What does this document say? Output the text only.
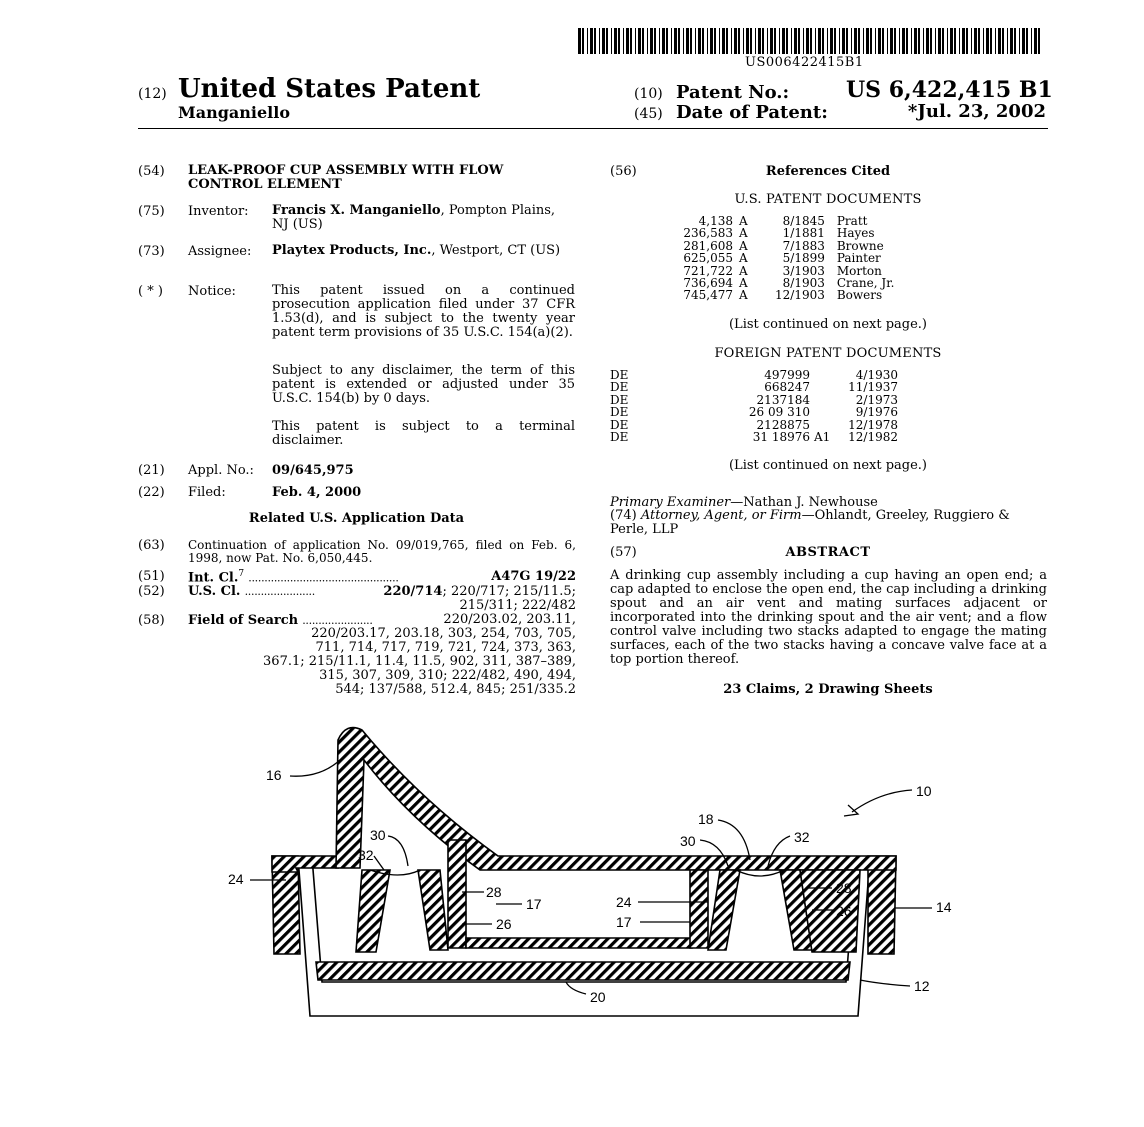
US006422415B1
(12) United States Patent
Manganiello
(10) Patent No.:	US 6,422,415 B1
(45) Date of Patent:	*Jul. 23, 2002
(54) LEAK-PROOF CUP ASSEMBLY WITH FLOW CONTROL ELEMENT
(75) Inventor: Francis X. Manganiello, Pompton Plains, NJ (US)
(73) Assignee: Playtex Products, Inc., Westport, CT (US)
( * ) Notice:	This patent issued on a continued prosecution application filed under 37 CFR 1.53(d), and is subject to the twenty year patent term provisions of 35 U.S.C. 154(a)(2).
Subject to any disclaimer, the term of this patent is extended or adjusted under 35 U.S.C. 154(b) by 0 days.
This patent is subject to a terminal disclaimer.
(21) Appl. No.: 09/645,975
(22) Filed:	Feb. 4, 2000
Related U.S. Application Data
(63) Continuation of application No. 09/019,765, filed on Feb. 6, 1998, now Pat. No. 6,050,445.
(51) Int. Cl.$^7$ ...............................................	A47G 19/22
(52) U.S. Cl. ......................	220/714; 220/717; 215/11.5;
215/311; 222/482
(58) Field of Search ......................	220/203.02, 203.11,
220/203.17, 203.18, 303, 254, 703, 705,
711, 714, 717, 719, 721, 724, 373, 363,
367.1; 215/11.1, 11.4, 11.5, 902, 311, 387–389,
315, 307, 309, 310; 222/482, 490, 494,
544; 137/588, 512.4, 845; 251/335.2
(56)	References Cited
U.S. PATENT DOCUMENTS
4,138	A	8/1845	Pratt
236,583	A	1/1881	Hayes
281,608	A	7/1883	Browne
625,055	A	5/1899	Painter
721,722	A	3/1903	Morton
736,694	A	8/1903	Crane, Jr.
745,477	A	12/1903	Bowers
(List continued on next page.)
FOREIGN PATENT DOCUMENTS
DE	497999		4/1930
DE	668247		11/1937
DE	2137184		2/1973
DE	26 09 310		9/1976
DE	2128875		12/1978
DE	31 18976	A1	12/1982
(List continued on next page.)
Primary Examiner—Nathan J. Newhouse
(74) Attorney, Agent, or Firm—Ohlandt, Greeley, Ruggiero & Perle, LLP
(57)	ABSTRACT
A drinking cup assembly including a cup having an open end; a cap adapted to enclose the open end, the cap including a drinking spout and an air vent and mating surfaces adjacent or incorporated into the drinking spout and the air vent; and a flow control valve including two stacks adapted to engage the mating surfaces, each of the two stacks having a concave valve face at a top portion thereof.
23 Claims, 2 Drawing Sheets
16
10
30
32
18
30	32
24
28
17
26
24
28
17
26	14
20
12
